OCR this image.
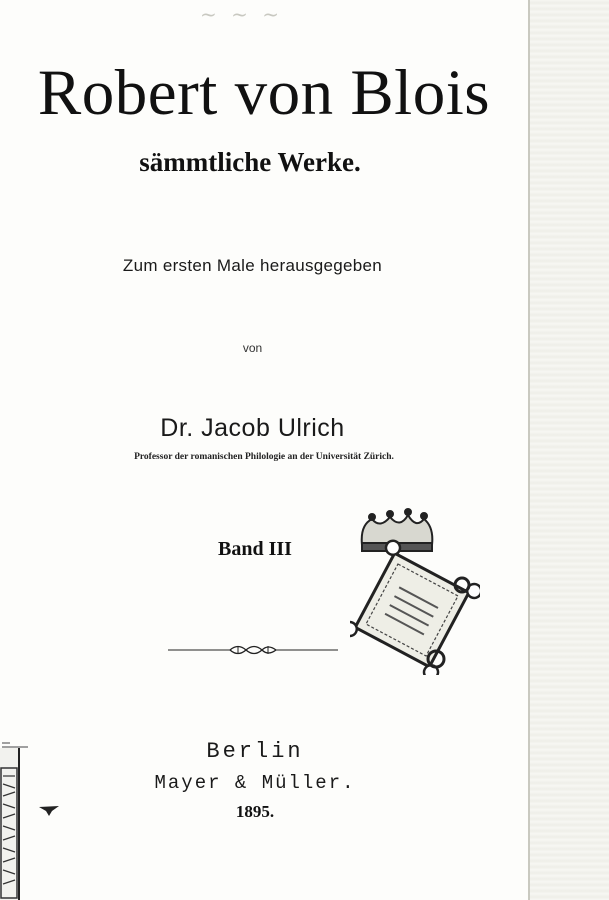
~ ~ ~
Robert von Blois
sämmtliche Werke.
Zum ersten Male herausgegeben
von
Dr. Jacob Ulrich
Professor der romanischen Philologie an der Universität Zürich.
Band III
Berlin
Mayer & Müller.
1895.
